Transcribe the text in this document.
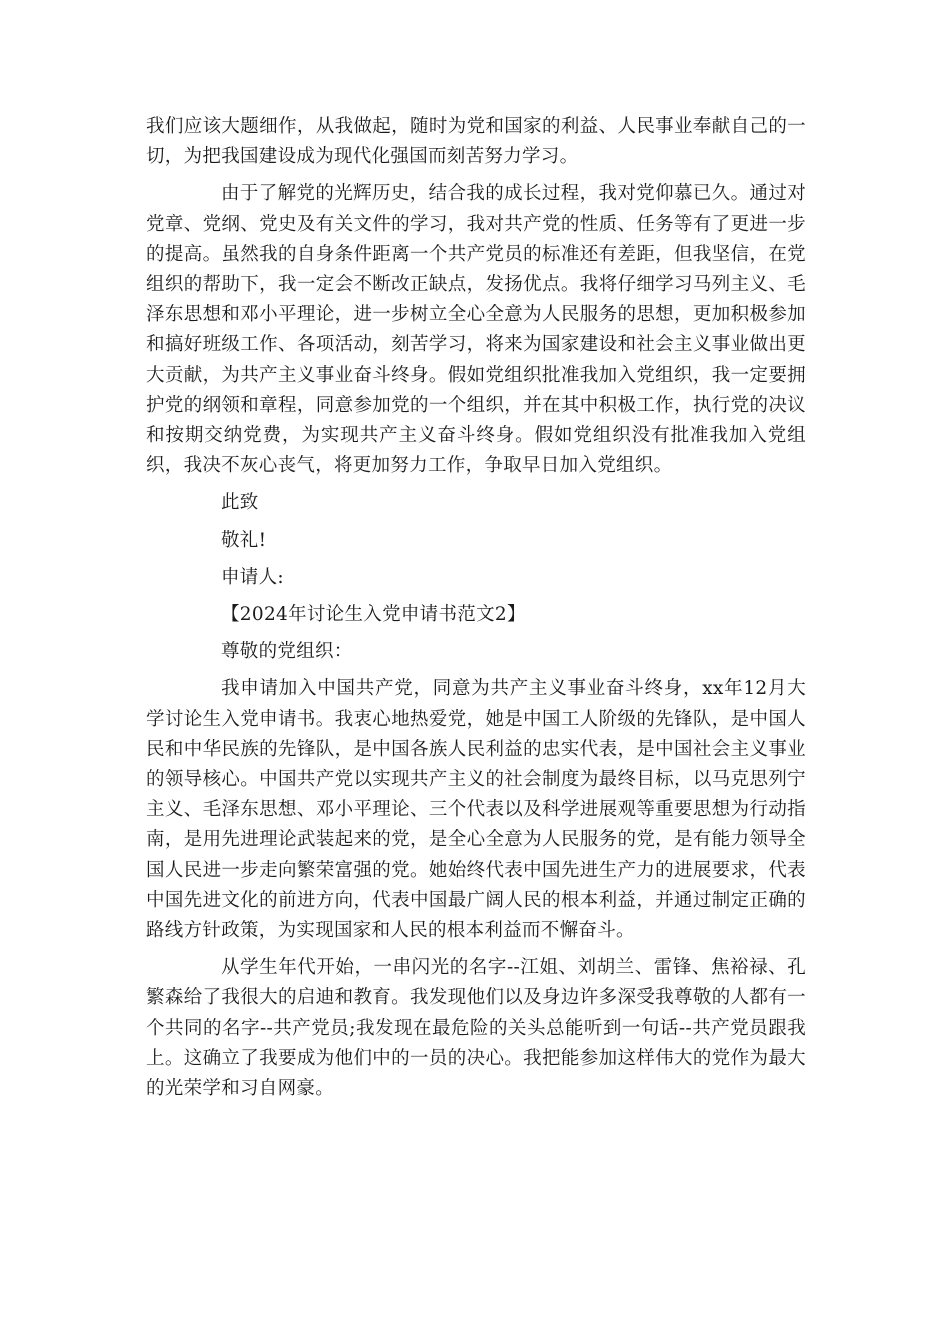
我们应该大题细作，从我做起，随时为党和国家的利益、人民事业奉献自己的一切，为把我国建设成为现代化强国而刻苦努力学习。

由于了解党的光辉历史，结合我的成长过程，我对党仰慕已久。通过对党章、党纲、党史及有关文件的学习，我对共产党的性质、任务等有了更进一步的提高。虽然我的自身条件距离一个共产党员的标准还有差距，但我坚信，在党组织的帮助下，我一定会不断改正缺点，发扬优点。我将仔细学习马列主义、毛泽东思想和邓小平理论，进一步树立全心全意为人民服务的思想，更加积极参加和搞好班级工作、各项活动，刻苦学习，将来为国家建设和社会主义事业做出更大贡献，为共产主义事业奋斗终身。假如党组织批准我加入党组织，我一定要拥护党的纲领和章程，同意参加党的一个组织，并在其中积极工作，执行党的决议和按期交纳党费，为实现共产主义奋斗终身。假如党组织没有批准我加入党组织，我决不灰心丧气，将更加努力工作，争取早日加入党组织。

此致

敬礼!

申请人:

【2024年讨论生入党申请书范文2】

尊敬的党组织：

我申请加入中国共产党，同意为共产主义事业奋斗终身，xx年12月大学讨论生入党申请书。我衷心地热爱党，她是中国工人阶级的先锋队，是中国人民和中华民族的先锋队，是中国各族人民利益的忠实代表，是中国社会主义事业的领导核心。中国共产党以实现共产主义的社会制度为最终目标，以马克思列宁主义、毛泽东思想、邓小平理论、三个代表以及科学进展观等重要思想为行动指南，是用先进理论武装起来的党，是全心全意为人民服务的党，是有能力领导全国人民进一步走向繁荣富强的党。她始终代表中国先进生产力的进展要求，代表中国先进文化的前进方向，代表中国最广阔人民的根本利益，并通过制定正确的路线方针政策，为实现国家和人民的根本利益而不懈奋斗。

从学生年代开始，一串闪光的名字--江姐、刘胡兰、雷锋、焦裕禄、孔繁森给了我很大的启迪和教育。我发现他们以及身边许多深受我尊敬的人都有一个共同的名字--共产党员;我发现在最危险的关头总能听到一句话--共产党员跟我上。这确立了我要成为他们中的一员的决心。我把能参加这样伟大的党作为最大的光荣学和习自网豪。
